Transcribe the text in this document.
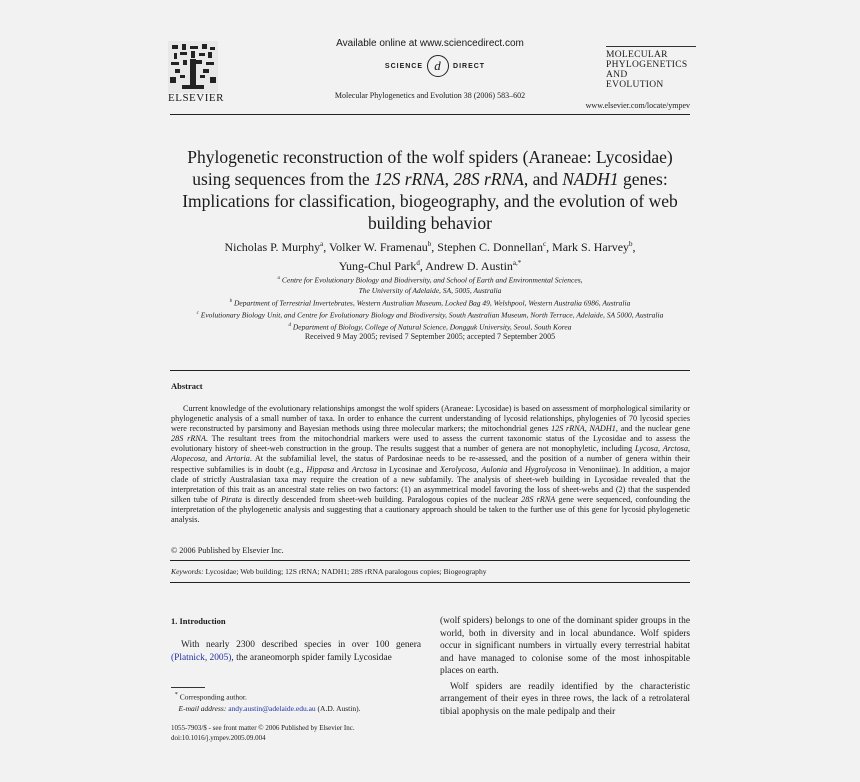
ELSEVIER
Available online at www.sciencedirect.com
SCIENCE d	DIRECT
Molecular Phylogenetics and Evolution 38 (2006) 583–602
MOLECULAR
PHYLOGENETICS
AND
EVOLUTION
www.elsevier.com/locate/ympev
Phylogenetic reconstruction of the wolf spiders (Araneae: Lycosidae) using sequences from the 12S rRNA, 28S rRNA, and NADH1 genes: Implications for classification, biogeography, and the evolution of web building behavior
Nicholas P. Murphy$^a$, Volker W. Framenau$^b$, Stephen C. Donnellan$^c$, Mark S. Harvey$^b$,
Yung-Chul Park$^d$, Andrew D. Austin$^{a,*}$
$^a$ Centre for Evolutionary Biology and Biodiversity, and School of Earth and Environmental Sciences,
The University of Adelaide, SA, 5005, Australia
$^b$ Department of Terrestrial Invertebrates, Western Australian Museum, Locked Bag 49, Welshpool, Western Australia 6986, Australia
$^c$ Evolutionary Biology Unit, and Centre for Evolutionary Biology and Biodiversity, South Australian Museum, North Terrace, Adelaide, SA 5000, Australia
$^d$ Department of Biology, College of Natural Science, Dongguk University, Seoul, South Korea
Received 9 May 2005; revised 7 September 2005; accepted 7 September 2005
Abstract
Current knowledge of the evolutionary relationships amongst the wolf spiders (Araneae: Lycosidae) is based on assessment of morphological similarity or phylogenetic analysis of a small number of taxa. In order to enhance the current understanding of lycosid relationships, phylogenies of 70 lycosid species were reconstructed by parsimony and Bayesian methods using three molecular markers; the mitochondrial genes 12S rRNA, NADH1, and the nuclear gene 28S rRNA. The resultant trees from the mitochondrial markers were used to assess the current taxonomic status of the Lycosidae and to assess the evolutionary history of sheet-web construction in the group. The results suggest that a number of genera are not monophyletic, including Lycosa, Arctosa, Alopecosa, and Artoria. At the subfamilial level, the status of Pardosinae needs to be re-assessed, and the position of a number of genera within their respective subfamilies is in doubt (e.g., Hippasa and Arctosa in Lycosinae and Xerolycosa, Aulonia and Hygrolycosa in Venoniinae). In addition, a major clade of strictly Australasian taxa may require the creation of a new subfamily. The analysis of sheet-web building in Lycosidae revealed that the interpretation of this trait as an ancestral state relies on two factors: (1) an asymmetrical model favoring the loss of sheet-webs and (2) that the suspended silken tube of Pirata is directly descended from sheet-web building. Paralogous copies of the nuclear 28S rRNA gene were sequenced, confounding the interpretation of the phylogenetic analysis and suggesting that a cautionary approach should be taken to the further use of this gene for lycosid phylogenetic analysis.
© 2006 Published by Elsevier Inc.
Keywords: Lycosidae; Web building; 12S rRNA; NADH1; 28S rRNA paralogous copies; Biogeography
1. Introduction
With nearly 2300 described species in over 100 genera (Platnick, 2005), the araneomorph spider family Lycosidae

(wolf spiders) belongs to one of the dominant spider groups in the world, both in diversity and in local abundance. Wolf spiders occur in significant numbers in virtually every terrestrial habitat and have managed to colonise some of the most inhospitable places on earth.

Wolf spiders are readily identified by the characteristic arrangement of their eyes in three rows, the lack of a retrolateral tibial apophysis on the male pedipalp and their

* Corresponding author.
E-mail address: andy.austin@adelaide.edu.au (A.D. Austin).
1055-7903/$ - see front matter © 2006 Published by Elsevier Inc.
doi:10.1016/j.ympev.2005.09.004
